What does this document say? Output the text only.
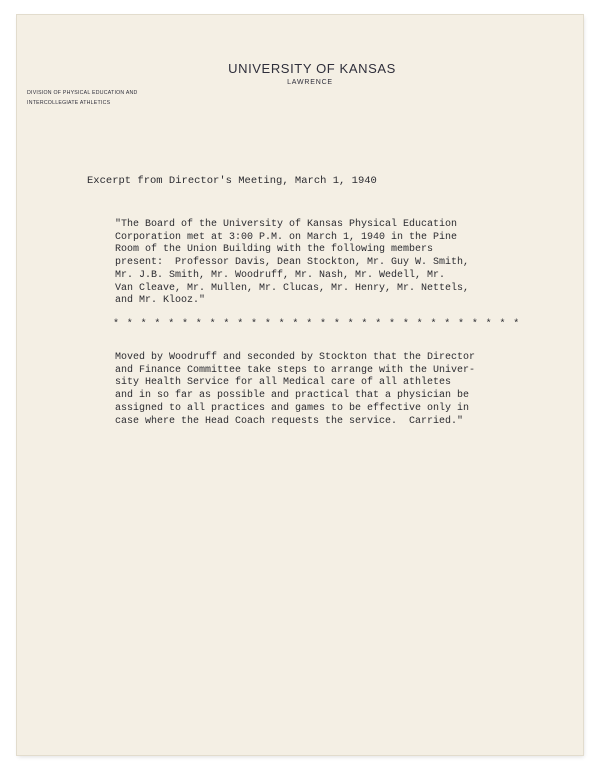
UNIVERSITY OF KANSAS
LAWRENCE
DIVISION OF PHYSICAL EDUCATION AND
INTERCOLLEGIATE ATHLETICS
Excerpt from Director's Meeting, March 1, 1940
"The Board of the University of Kansas Physical Education
Corporation met at 3:00 P.M. on March 1, 1940 in the Pine
Room of the Union Building with the following members
present:  Professor Davis, Dean Stockton, Mr. Guy W. Smith,
Mr. J.B. Smith, Mr. Woodruff, Mr. Nash, Mr. Wedell, Mr.
Van Cleave, Mr. Mullen, Mr. Clucas, Mr. Henry, Mr. Nettels,
and Mr. Klooz."
* * * * * * * * * * * * * * * * * * * * * * * * * * * * * *
Moved by Woodruff and seconded by Stockton that the Director
and Finance Committee take steps to arrange with the Univer-
sity Health Service for all Medical care of all athletes
and in so far as possible and practical that a physician be
assigned to all practices and games to be effective only in
case where the Head Coach requests the service.  Carried."
